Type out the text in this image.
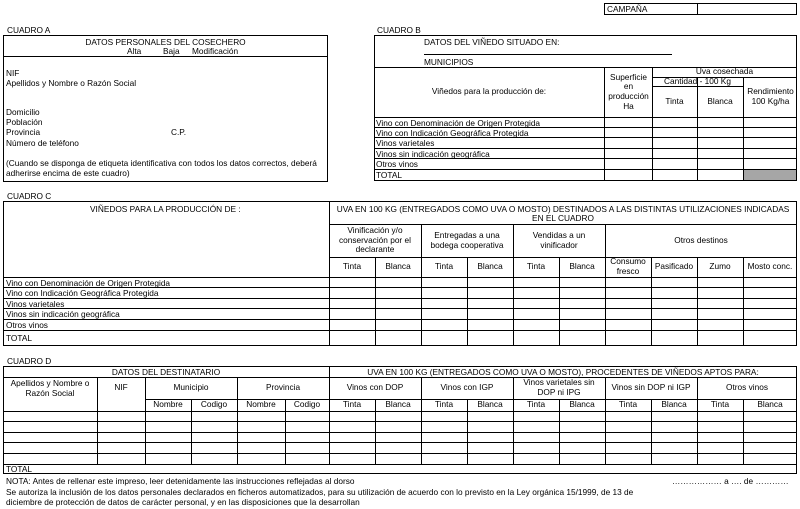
CAMPAÑA
CUADRO A
DATOS PERSONALES DEL COSECHERO
Alta	Baja Modificación
NIF
Apellidos y Nombre o Razón Social
Domicilio
Población
Provincia	C.P.
Número de teléfono
(Cuando se disponga de etiqueta identificativa con todos los datos correctos, deberá
adherirse encima de este cuadro)
CUADRO B
DATOS DEL VIÑEDO SITUADO EN:
MUNICIPIOS
Viñedos para la producción de:
Superficie en producción Ha
Uva cosechada
Cantidad - 100 Kg
Tinta	Blanca
Rendimiento 100 Kg/ha
Vino con Denominación de Origen Protegida
Vino con Indicación Geográfica Protegida
Vinos varietales
Vinos sin indicación geográfica
Otros vinos
TOTAL
CUADRO C
VIÑEDOS PARA LA PRODUCCIÓN DE :	UVA EN 100 KG (ENTREGADOS COMO UVA O MOSTO) DESTINADOS A LAS DISTINTAS UTILIZACIONES INDICADAS
EN EL CUADRO
Vinificación y/o conservación por el declarante
Entregadas a una bodega cooperativa
Vendidas a un vinificador	Otros destinos
Tinta	Blanca	Tinta	Blanca	Tinta	Blanca	Consumo fresco	Pasificado	Zumo	Mosto conc.
Vino con Denominación de Origen Protegida
Vino con Indicación Geográfica Protegida
Vinos varietales
Vinos sin indicación geográfica
Otros vinos
TOTAL
CUADRO D
DATOS DEL DESTINATARIO	UVA EN 100 KG (ENTREGADOS COMO UVA O MOSTO), PROCEDENTES DE VIÑEDOS APTOS PARA:
Apellidos y Nombre o Razón Social
NIF	Municipio	Provincia
Nombre	Codigo	Nombre	Codigo
Vinos con DOP	Vinos con IGP	Vinos varietales sin DOP ni IPG	Vinos sin DOP ni IGP	Otros vinos
Tinta	Blanca	Tinta	Blanca	Tinta	Blanca	Tinta	Blanca	Tinta	Blanca
TOTAL
NOTA: Antes de rellenar este impreso, leer detenidamente las instrucciones reflejadas al dorso	……………… a …. de …………
Se autoriza la inclusión de los datos personales declarados en ficheros automatizados, para su utilización de acuerdo con lo previsto en la Ley orgánica 15/1999, de 13 de
diciembre de protección de datos de carácter personal, y en las disposiciones que la desarrollan
